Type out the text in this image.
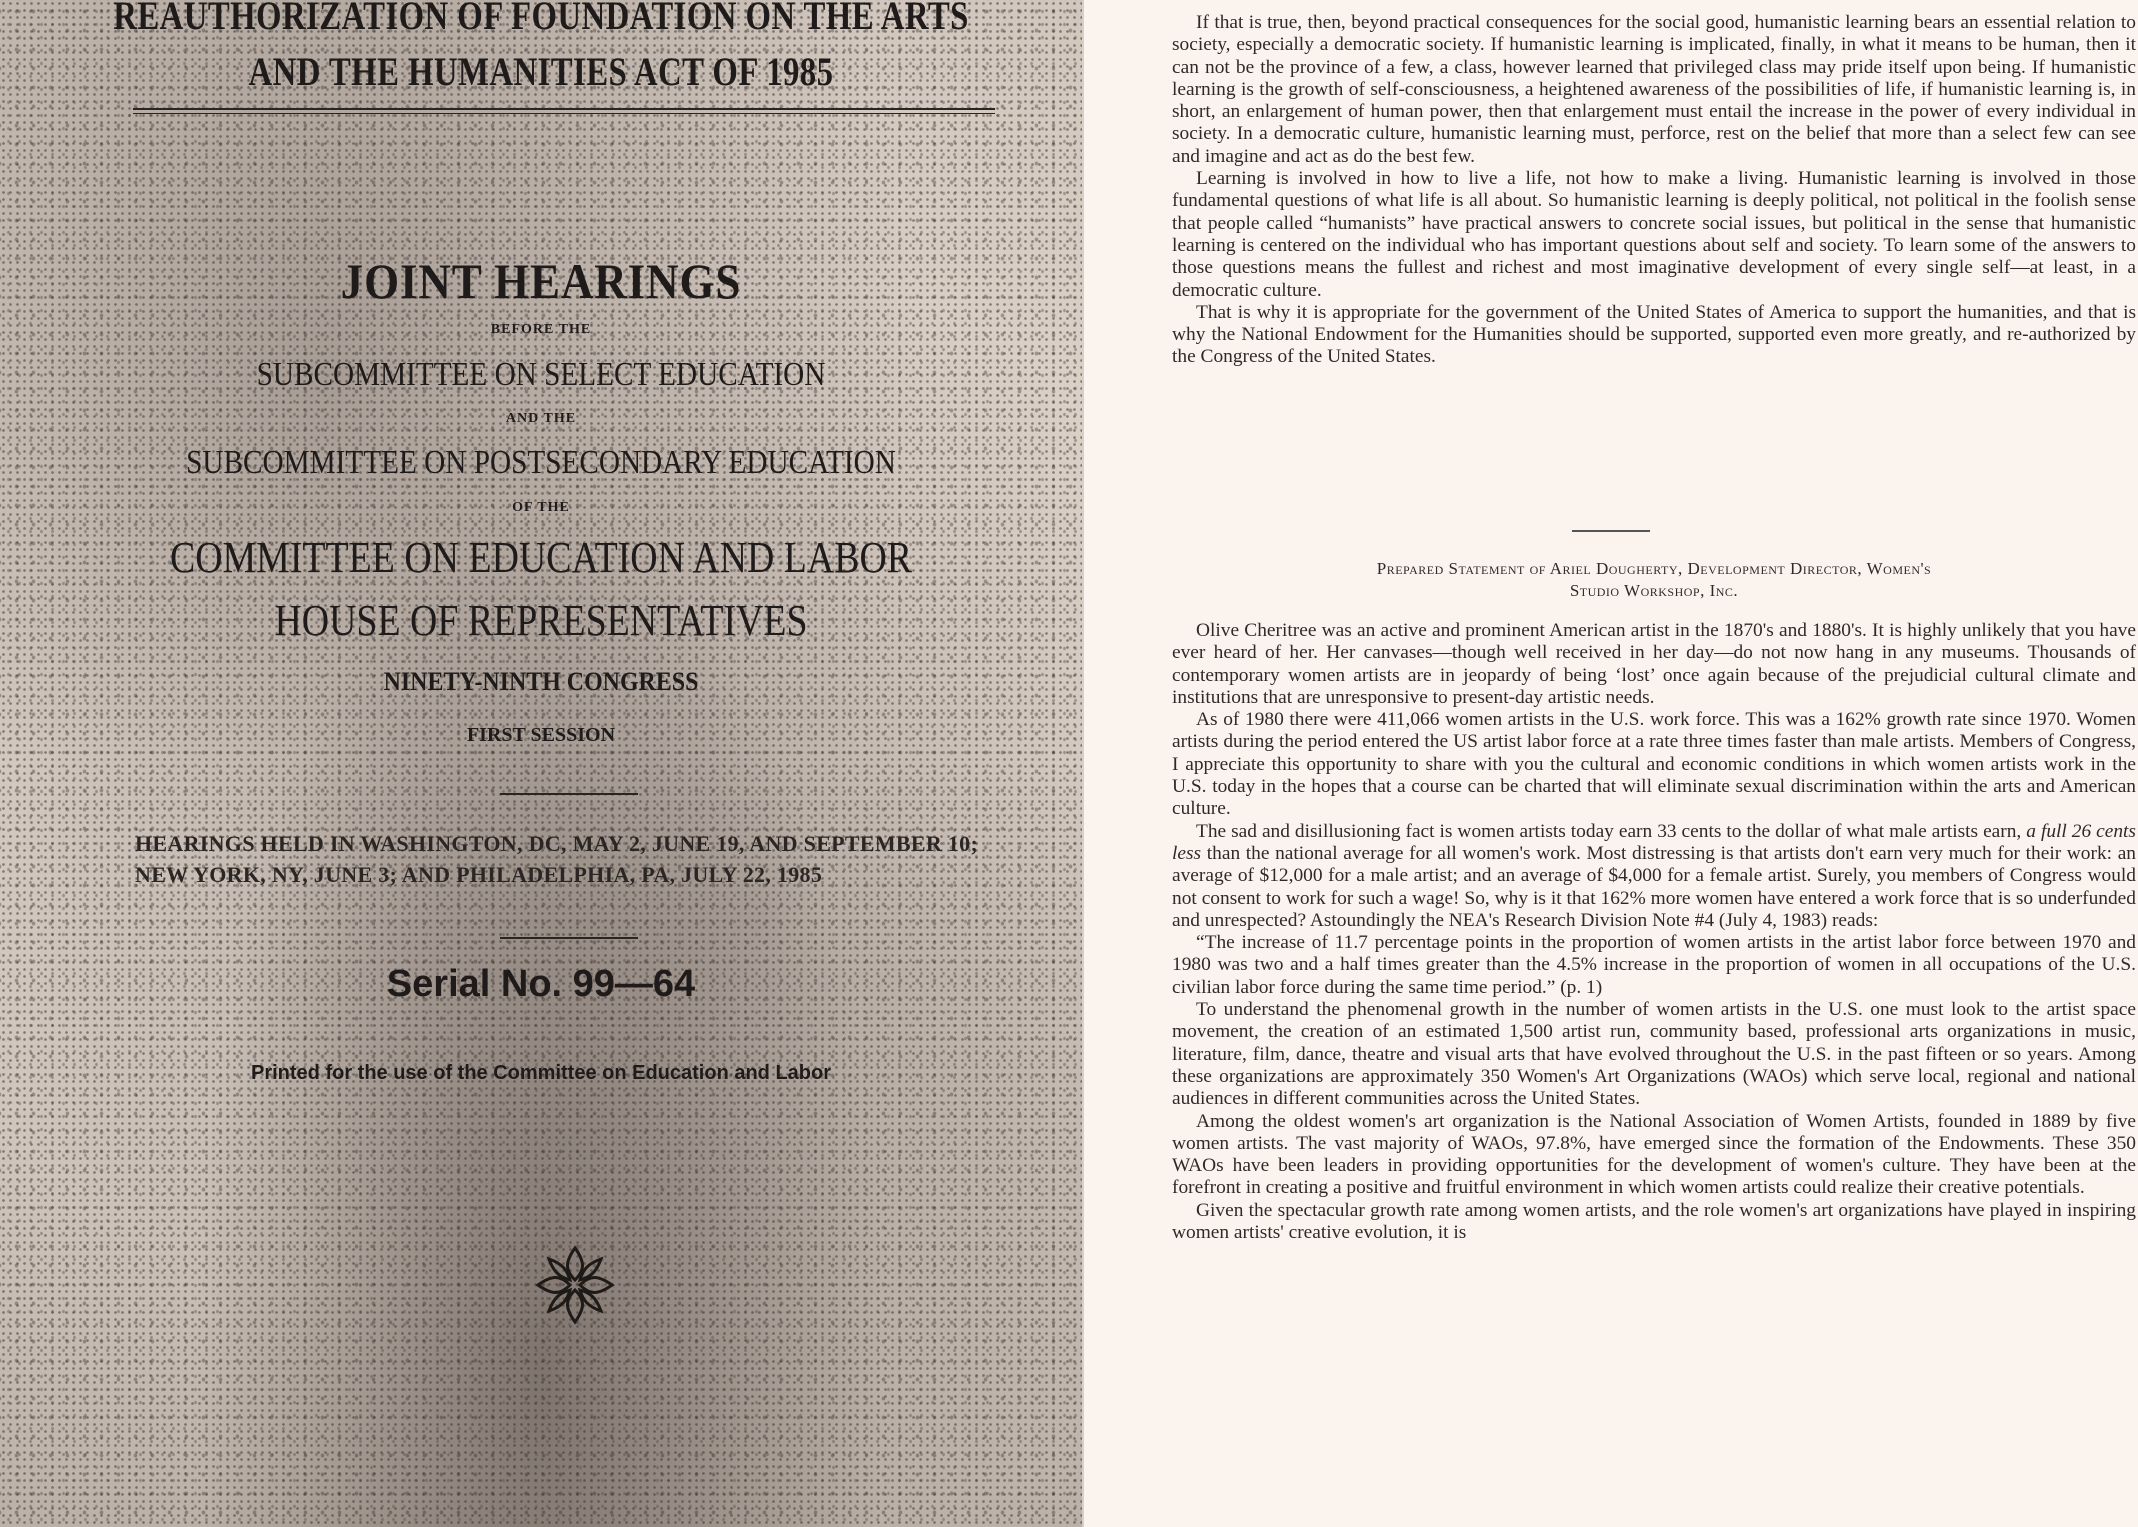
REAUTHORIZATION OF FOUNDATION ON THE ARTS
AND THE HUMANITIES ACT OF 1985
JOINT HEARINGS
BEFORE THE
SUBCOMMITTEE ON SELECT EDUCATION
AND THE
SUBCOMMITTEE ON POSTSECONDARY EDUCATION
OF THE
COMMITTEE ON EDUCATION AND LABOR
HOUSE OF REPRESENTATIVES
NINETY-NINTH CONGRESS
FIRST SESSION

HEARINGS HELD IN WASHINGTON, DC, MAY 2, JUNE 19, AND SEPTEMBER 10; NEW YORK, NY, JUNE 3; AND PHILADELPHIA, PA, JULY 22, 1985

Serial No. 99—64
Printed for the use of the Committee on Education and Labor

If that is true, then, beyond practical consequences for the social good, humanistic learning bears an essential relation to society, especially a democratic society. If humanistic learning is implicated, finally, in what it means to be human, then it can not be the province of a few, a class, however learned that privileged class may pride itself upon being. If humanistic learning is the growth of self-consciousness, a heightened awareness of the possibilities of life, if humanistic learning is, in short, an enlargement of human power, then that enlargement must entail the increase in the power of every individual in society. In a democratic culture, humanistic learning must, perforce, rest on the belief that more than a select few can see and imagine and act as do the best few.

Learning is involved in how to live a life, not how to make a living. Humanistic learning is involved in those fundamental questions of what life is all about. So humanistic learning is deeply political, not political in the foolish sense that people called “humanists” have practical answers to concrete social issues, but political in the sense that humanistic learning is centered on the individual who has important questions about self and society. To learn some of the answers to those questions means the fullest and richest and most imaginative development of every single self—at least, in a democratic culture.

That is why it is appropriate for the government of the United States of America to support the humanities, and that is why the National Endowment for the Humanities should be supported, supported even more greatly, and re-authorized by the Congress of the United States.

Prepared Statement of Ariel Dougherty, Development Director, Women's
Studio Workshop, Inc.

Olive Cheritree was an active and prominent American artist in the 1870's and 1880's. It is highly unlikely that you have ever heard of her. Her canvases—though well received in her day—do not now hang in any museums. Thousands of contemporary women artists are in jeopardy of being ‘lost’ once again because of the prejudicial cultural climate and institutions that are unresponsive to present-day artistic needs.

As of 1980 there were 411,066 women artists in the U.S. work force. This was a 162% growth rate since 1970. Women artists during the period entered the US artist labor force at a rate three times faster than male artists. Members of Congress, I appreciate this opportunity to share with you the cultural and economic conditions in which women artists work in the U.S. today in the hopes that a course can be charted that will eliminate sexual discrimination within the arts and American culture.

The sad and disillusioning fact is women artists today earn 33 cents to the dollar of what male artists earn, a full 26 cents less than the national average for all women's work. Most distressing is that artists don't earn very much for their work: an average of $12,000 for a male artist; and an average of $4,000 for a female artist. Surely, you members of Congress would not consent to work for such a wage! So, why is it that 162% more women have entered a work force that is so underfunded and unrespected? Astoundingly the NEA's Research Division Note #4 (July 4, 1983) reads:

“The increase of 11.7 percentage points in the proportion of women artists in the artist labor force between 1970 and 1980 was two and a half times greater than the 4.5% increase in the proportion of women in all occupations of the U.S. civilian labor force during the same time period.” (p. 1)

To understand the phenomenal growth in the number of women artists in the U.S. one must look to the artist space movement, the creation of an estimated 1,500 artist run, community based, professional arts organizations in music, literature, film, dance, theatre and visual arts that have evolved throughout the U.S. in the past fifteen or so years. Among these organizations are approximately 350 Women's Art Organizations (WAOs) which serve local, regional and national audiences in different communities across the United States.

Among the oldest women's art organization is the National Association of Women Artists, founded in 1889 by five women artists. The vast majority of WAOs, 97.8%, have emerged since the formation of the Endowments. These 350 WAOs have been leaders in providing opportunities for the development of women's culture. They have been at the forefront in creating a positive and fruitful environment in which women artists could realize their creative potentials.

Given the spectacular growth rate among women artists, and the role women's art organizations have played in inspiring women artists' creative evolution, it is
